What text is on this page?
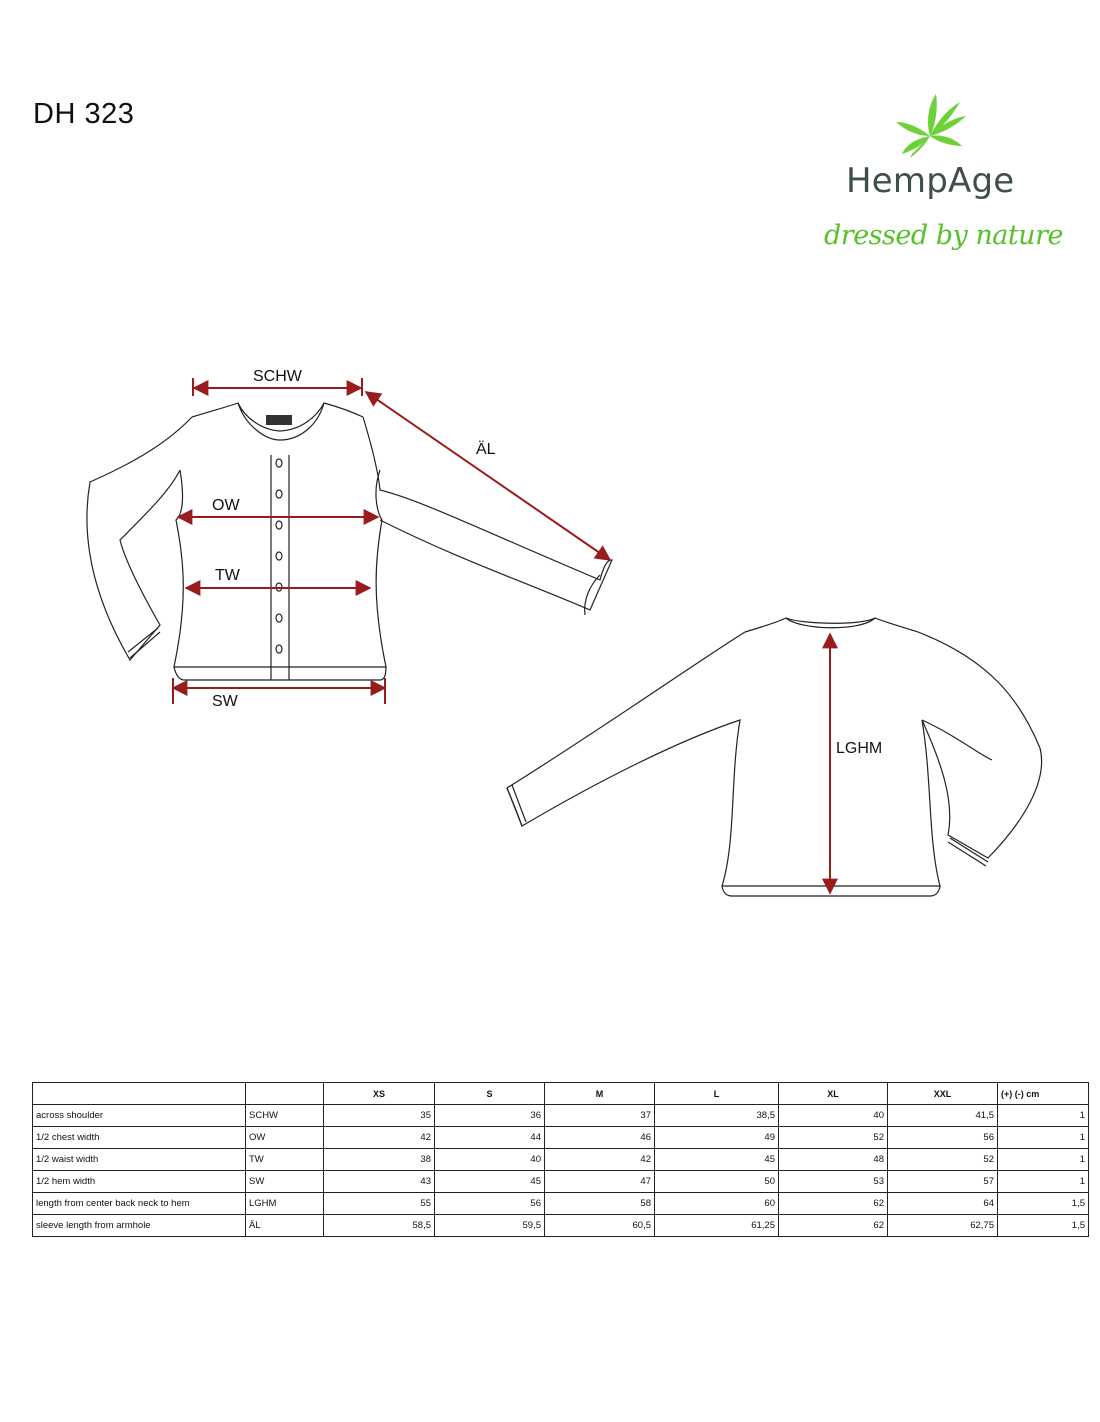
DH 323
HempAge
dressed by nature
SCHW
ÄL
OW
TW
SW
LGHM
		XS	S	M	L	XL	XXL	(+) (-) cm
across shoulder	SCHW	35	36	37	38,5	40	41,5	1
1/2 chest width	OW	42	44	46	49	52	56	1
1/2 waist width	TW	38	40	42	45	48	52	1
1/2 hem width	SW	43	45	47	50	53	57	1
length from center back neck to hem	LGHM	55	56	58	60	62	64	1,5
sleeve length from armhole	ÄL	58,5	59,5	60,5	61,25	62	62,75	1,5
